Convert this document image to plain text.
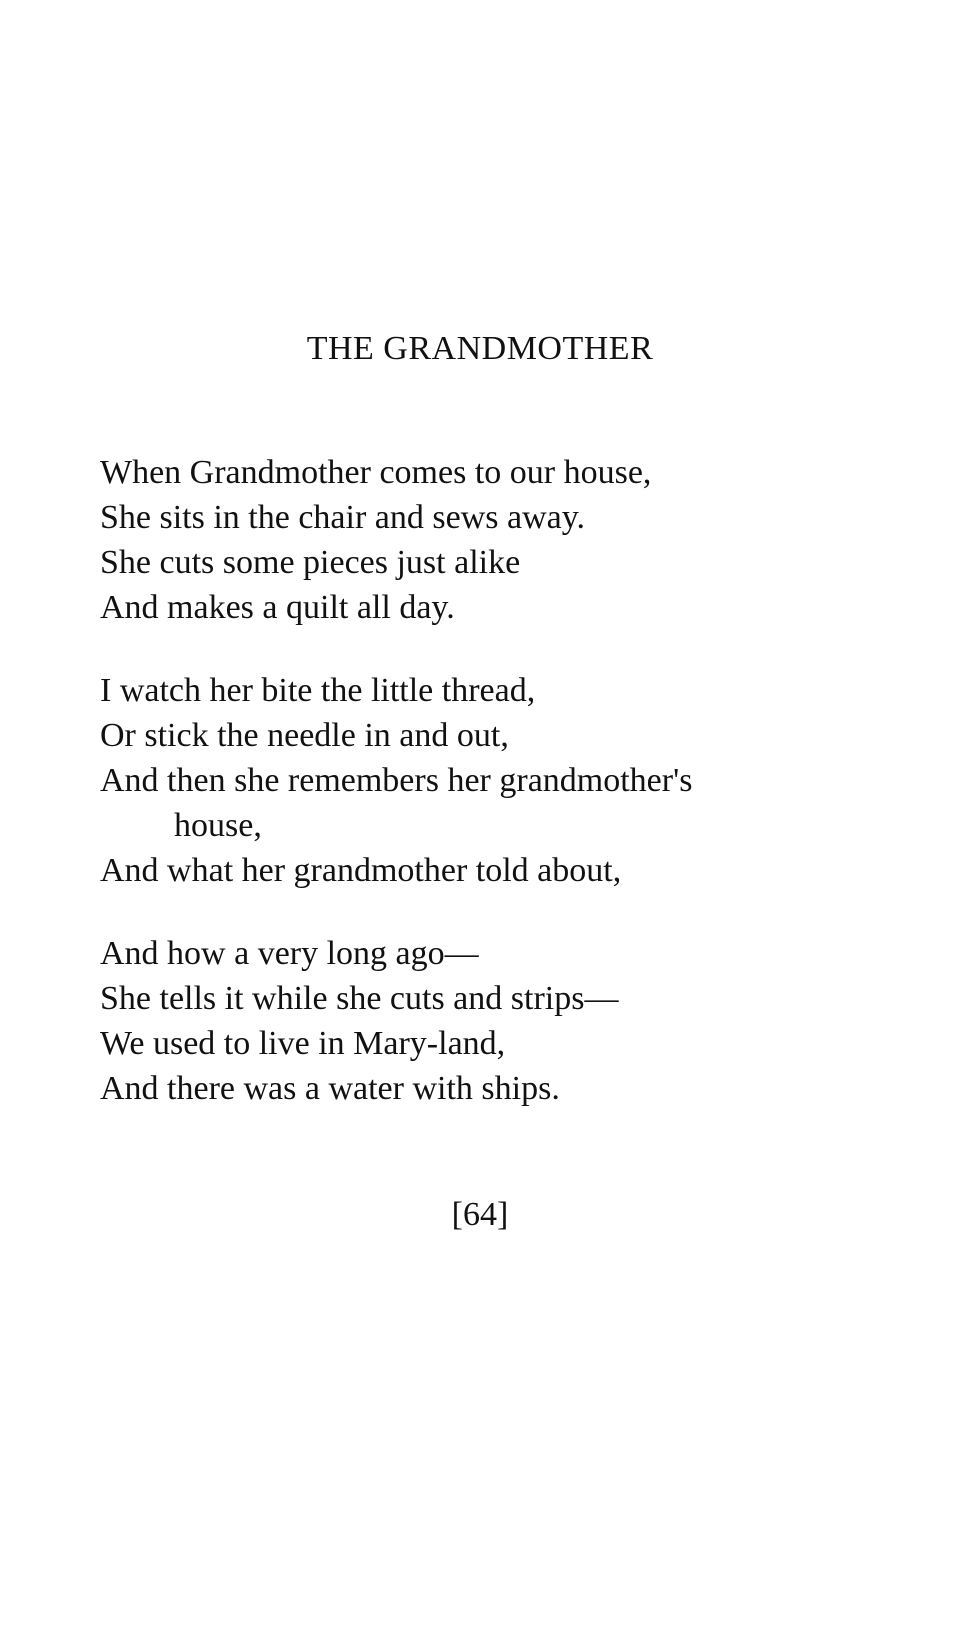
THE GRANDMOTHER
When Grandmother comes to our house,
She sits in the chair and sews away.
She cuts some pieces just alike
And makes a quilt all day.
I watch her bite the little thread,
Or stick the needle in and out,
And then she remembers her grandmother's
house,
And what her grandmother told about,
And how a very long ago—
She tells it while she cuts and strips—
We used to live in Mary-land,
And there was a water with ships.
[64]
